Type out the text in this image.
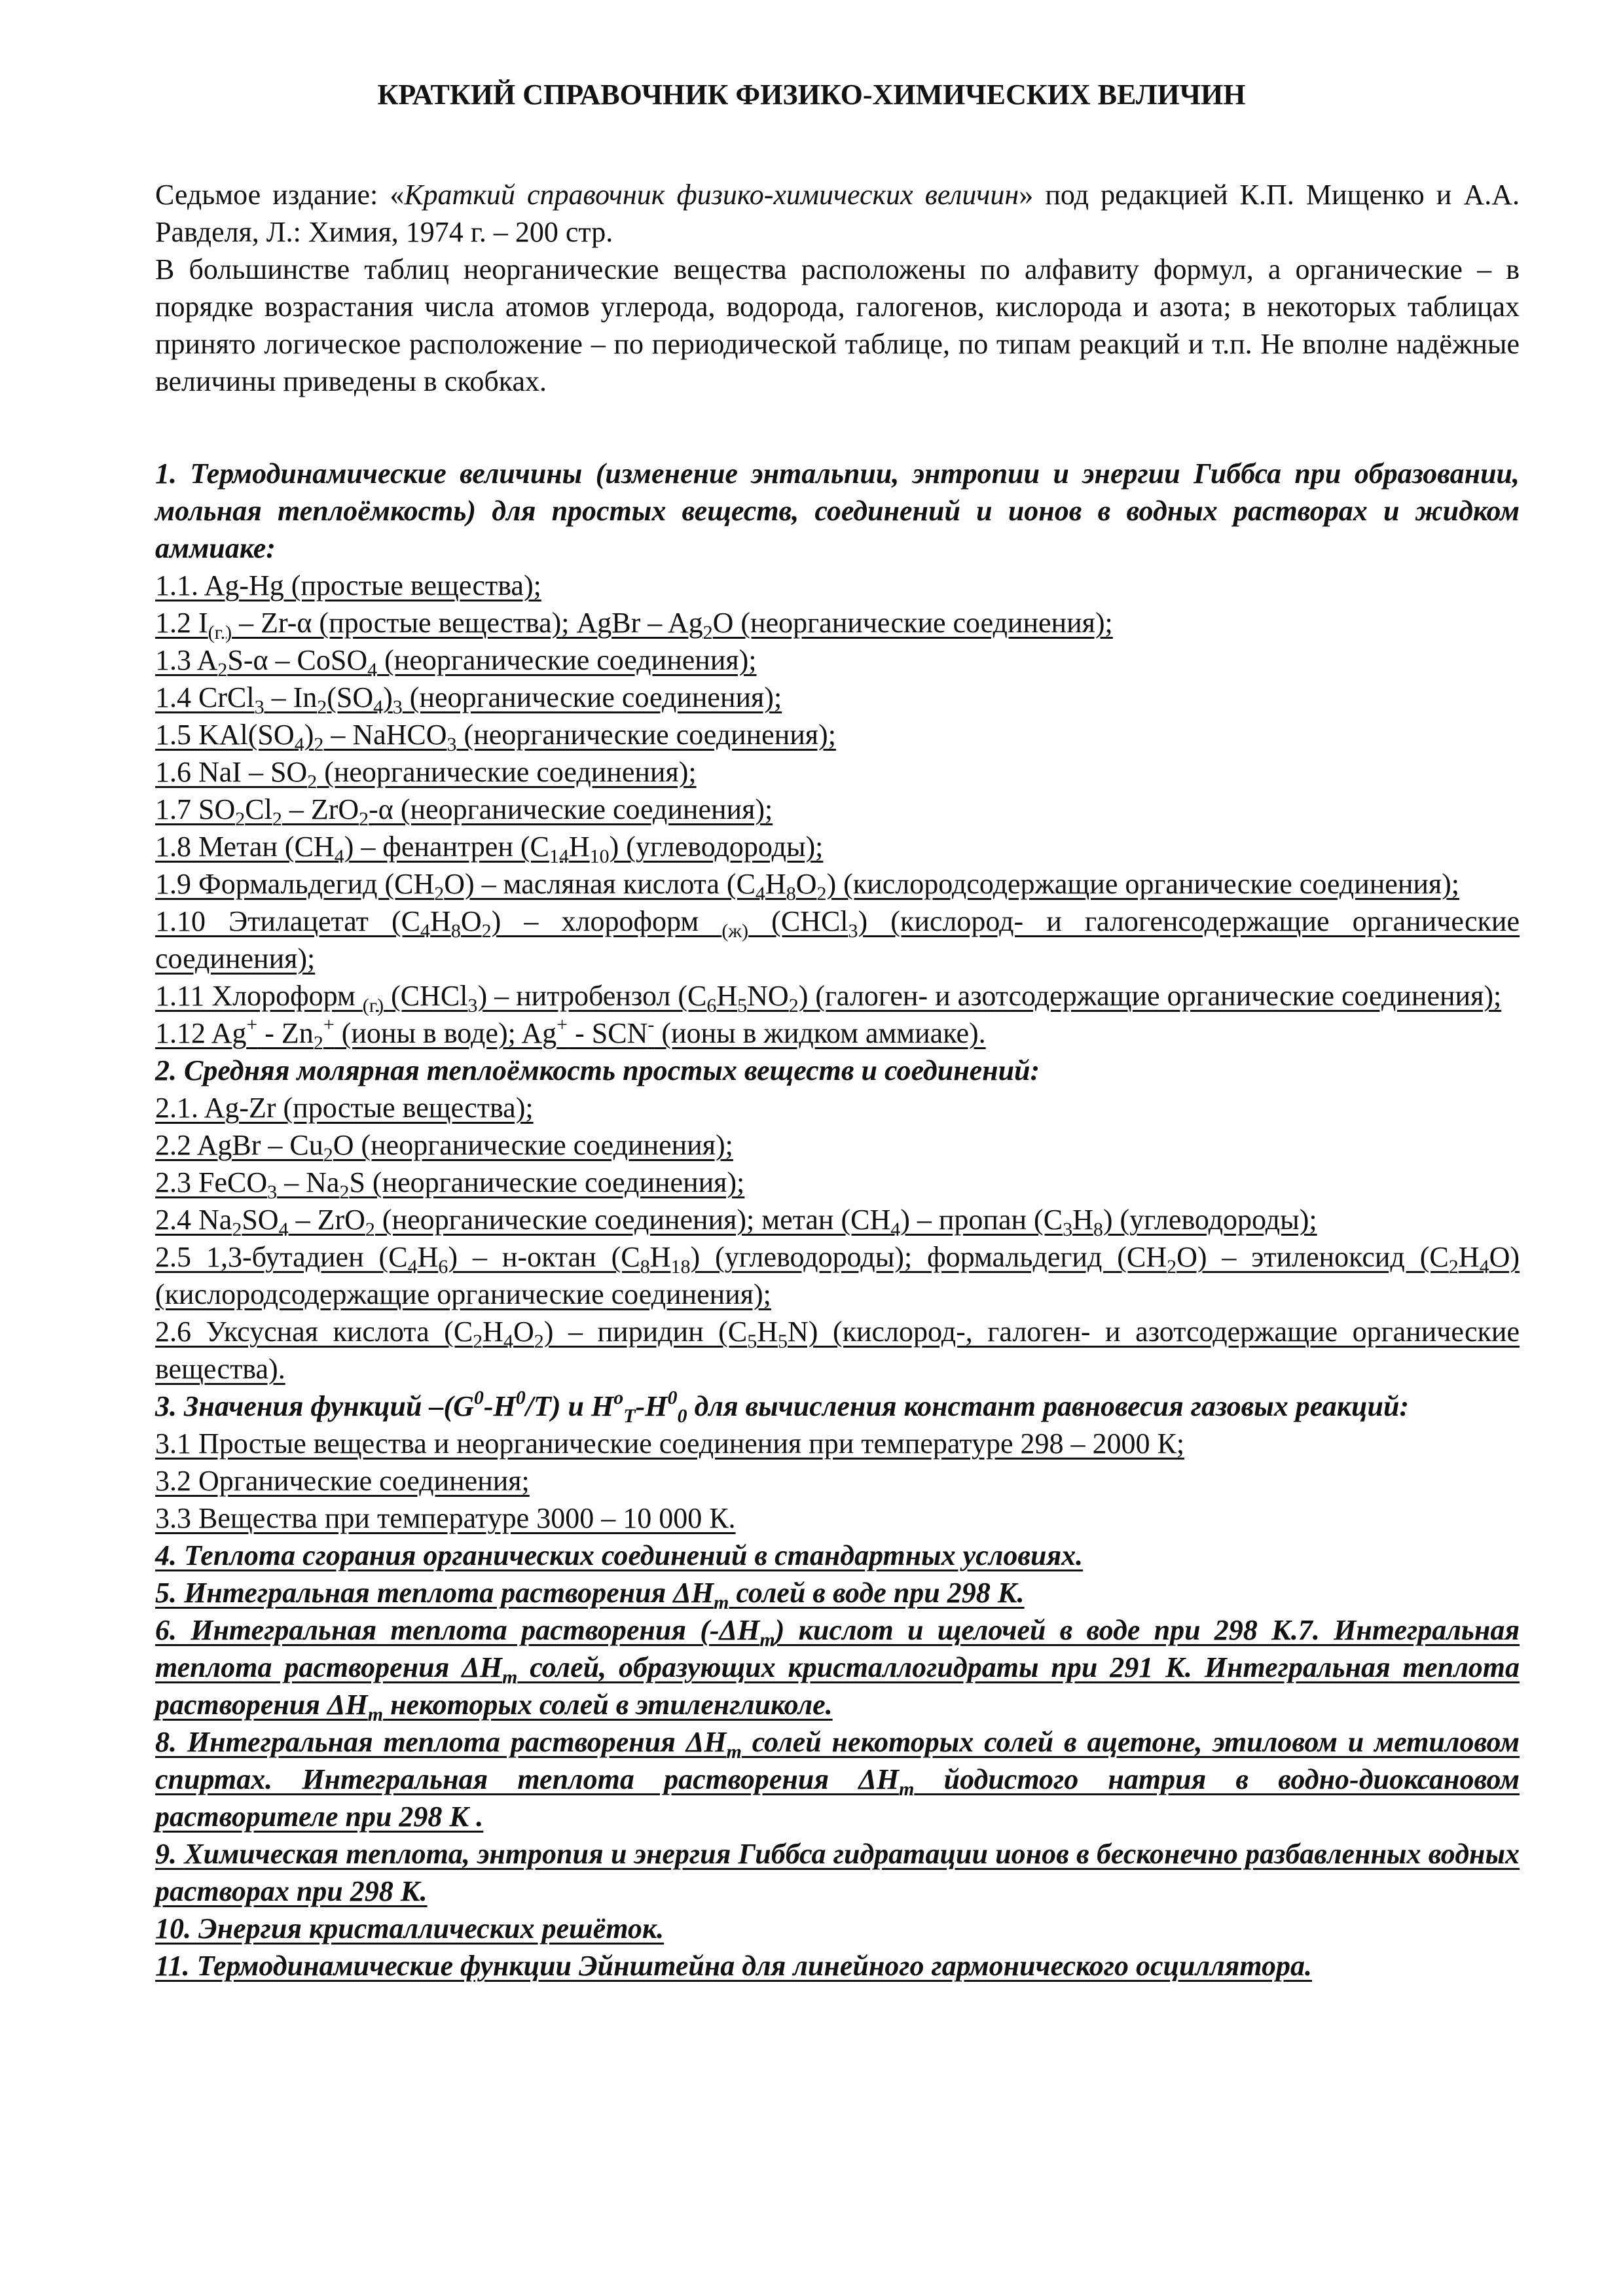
КРАТКИЙ СПРАВОЧНИК ФИЗИКО-ХИМИЧЕСКИХ ВЕЛИЧИН

Седьмое издание: «Краткий справочник физико-химических величин» под редакцией К.П. Мищенко и А.А. Равделя, Л.: Химия, 1974 г. – 200 стр.

В большинстве таблиц неорганические вещества расположены по алфавиту формул, а органические – в порядке возрастания числа атомов углерода, водорода, галогенов, кислорода и азота; в некоторых таблицах принято логическое расположение – по периодической таблице, по типам реакций и т.п. Не вполне надёжные величины приведены в скобках.

1. Термодинамические величины (изменение энтальпии, энтропии и энергии Гиббса при образовании, мольная теплоёмкость) для простых веществ, соединений и ионов в водных растворах и жидком аммиаке:

1.1. Ag-Hg (простые вещества);

1.2 $I_{(г.)} - Zr-\alpha$ (простые вещества); AgBr – $Ag_2O$ (неорганические соединения);

1.3 $A_2S-\alpha$ – CoSO$_4$ (неорганические соединения);

1.4 CrCl$_3$ – $In_2(SO_4)_3$ (неорганические соединения);

1.5 $KAl(SO_4)_2$ – NaHCO$_3$ (неорганические соединения);

1.6 NaI – $SO_2$ (неорганические соединения);

1.7 $SO_2Cl_2 - ZrO_2-\alpha$ (неорганические соединения);

1.8 Метан $(CH_4)$ – фенантрен $(C_{14}H_{10})$ (углеводороды);

1.9 Формальдегид $(CH_2O)$ – масляная кислота $(C_4H_8O_2)$ (кислородсодержащие органические соединения);

1.10 Этилацетат $(C_4H_8O_2)$ – хлороформ $_{(ж)}$ (CHCl$_3$) (кислород- и галогенсодержащие органические соединения);

1.11 Хлороформ $_{(г)}$ (CHCl$_3$) – нитробензол $(C_6H_5NO_2)$ (галоген- и азотсодержащие органические соединения);

1.12 $Ag^+ - Zn_2^+$ (ионы в воде); Ag+ - SCN- (ионы в жидком аммиаке).

2. Средняя молярная теплоёмкость простых веществ и соединений:

2.1. Ag-Zr (простые вещества);

2.2 AgBr – $Cu_2O$ (неорганические соединения);

2.3 FeCO$_3$ – $Na_2S$ (неорганические соединения);

2.4 $Na_2SO_4 - ZrO_2$ (неорганические соединения); метан $(CH_4)$ – пропан $(C_3H_8)$ (углеводороды);

2.5 1,3-бутадиен $(C_4H_6)$ – н-октан $(C_8H_{18})$ (углеводороды); формальдегид $(CH_2O)$ – этиленоксид $(C_2H_4O)$ (кислородсодержащие органические соединения);

2.6 Уксусная кислота $(C_2H_4O_2)$ – пиридин $(C_5H_5N)$ (кислород-, галоген- и азотсодержащие органические вещества).

3. Значения функций $-(G^0-H^0/T)$ и $H^o_T-H^0_0$ для вычисления констант равновесия газовых реакций:

3.1 Простые вещества и неорганические соединения при температуре 298 – 2000 К;

3.2 Органические соединения;

3.3 Вещества при температуре 3000 – 10 000 К.

4. Теплота сгорания органических соединений в стандартных условиях.

5. Интегральная теплота растворения $\Delta H_m$ солей в воде при 298 К.

6. Интегральная теплота растворения $(-\Delta H_m)$ кислот и щелочей в воде при 298 К.7. Интегральная теплота растворения $\Delta H_m$ солей, образующих кристаллогидраты при 291 К. Интегральная теплота растворения $\Delta H_m$ некоторых солей в этиленгликоле.

8. Интегральная теплота растворения $\Delta H_m$ солей некоторых солей в ацетоне, этиловом и метиловом спиртах. Интегральная теплота растворения $\Delta H_m$ йодистого натрия в водно-диоксановом растворителе при 298 К .

9. Химическая теплота, энтропия и энергия Гиббса гидратации ионов в бесконечно разбавленных водных растворах при 298 К.

10. Энергия кристаллических решёток.

11. Термодинамические функции Эйнштейна для линейного гармонического осциллятора.
